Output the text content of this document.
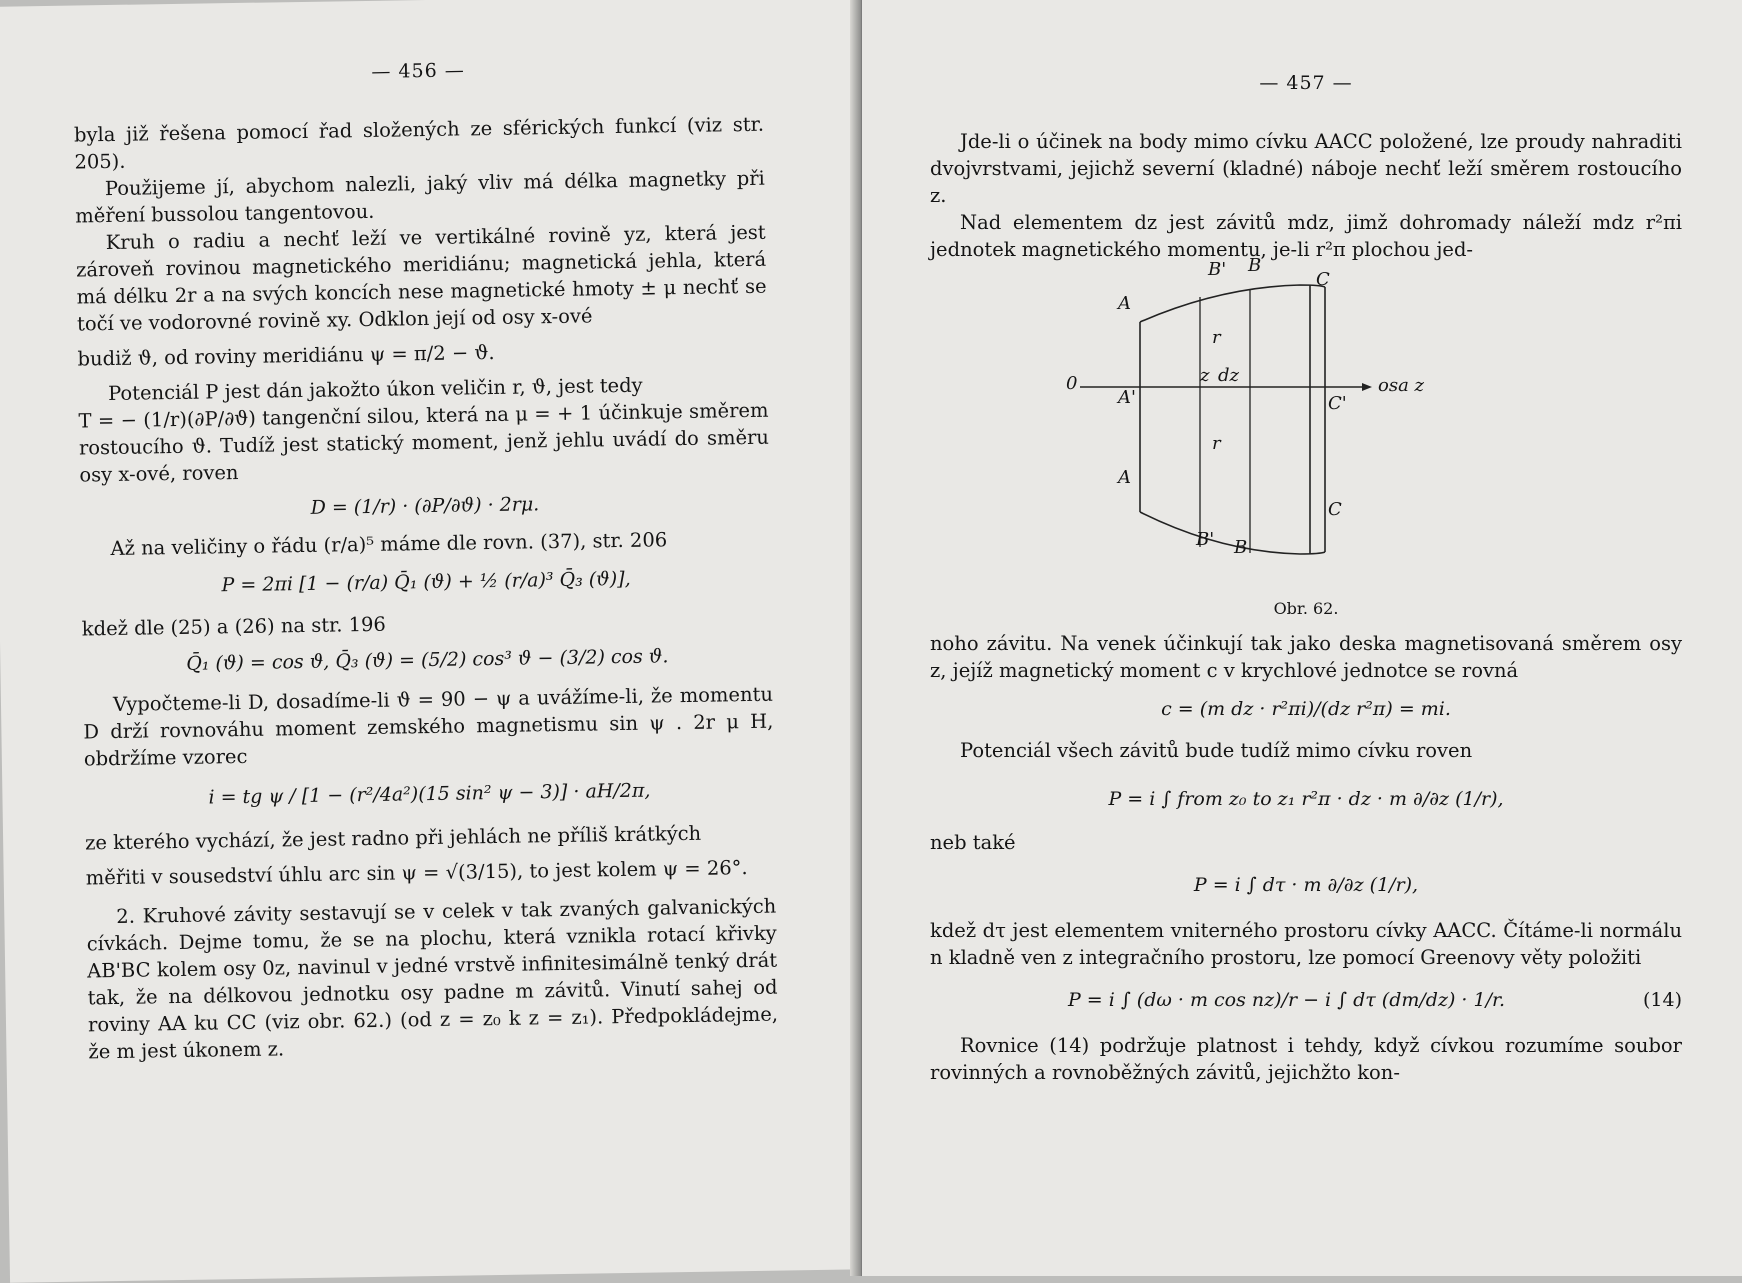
— 456 —

byla již řešena pomocí řad složených ze sférických funkcí (viz str. 205).

Použijeme jí, abychom nalezli, jaký vliv má délka magnetky při měření bussolou tangentovou.

Kruh o radiu a nechť leží ve vertikálné rovině yz, která jest zároveň rovinou magnetického meridiánu; magnetická jehla, která má délku 2r a na svých koncích nese magnetické hmoty ± μ nechť se točí ve vodorovné rovině xy. Odklon její od osy x-ové

budiž ϑ, od roviny meridiánu ψ = π/2 − ϑ.

Potenciál P jest dán jakožto úkon veličin r, ϑ, jest tedy

T = − (1/r)(∂P/∂ϑ) tangenční silou, která na μ = + 1 účinkuje směrem rostoucího ϑ. Tudíž jest statický moment, jenž jehlu uvádí do směru osy x-ové, roven

D = (1/r) · (∂P/∂ϑ) · 2rμ.

Až na veličiny o řádu (r/a)⁵ máme dle rovn. (37), str. 206

P = 2πi [1 − (r/a) Q̄₁ (ϑ) + ½ (r/a)³ Q̄₃ (ϑ)],

kdež dle (25) a (26) na str. 196

Q̄₁ (ϑ) = cos ϑ, Q̄₃ (ϑ) = (5/2) cos³ ϑ − (3/2) cos ϑ.

Vypočteme-li D, dosadíme-li ϑ = 90 − ψ a uvážíme-li, že momentu D drží rovnováhu moment zemského magnetismu sin ψ . 2r μ H, obdržíme vzorec

i = tg ψ / [1 − (r²/4a²)(15 sin² ψ − 3)] · aH/2π,

ze kterého vychází, že jest radno při jehlách ne příliš krátkých

měřiti v sousedství úhlu arc sin ψ = √(3/15), to jest kolem ψ = 26°.

2. Kruhové závity sestavují se v celek v tak zvaných galvanických cívkách. Dejme tomu, že se na plochu, která vznikla rotací křivky AB'BC kolem osy 0z, navinul v jedné vrstvě infinitesimálně tenký drát tak, že na délkovou jednotku osy padne m závitů. Vinutí sahej od roviny AA ku CC (viz obr. 62.) (od z = z₀ k z = z₁). Předpokládejme, že m jest úkonem z.

— 457 —

Jde-li o účinek na body mimo cívku AACC položené, lze proudy nahraditi dvojvrstvami, jejichž severní (kladné) náboje nechť leží směrem rostoucího z.

Nad elementem dz jest závitů mdz, jimž dohromady náleží mdz r²πi jednotek magnetického momentu, je-li r²π plochou jed-

B' B
C
A
r
z dz
0	osa z
A'	C'
r
A
C
B' B
Obr. 62.

noho závitu. Na venek účinkují tak jako deska magnetisovaná směrem osy z, jejíž magnetický moment c v krychlové jednotce se rovná

c = (m dz · r²πi)/(dz r²π) = mi.

Potenciál všech závitů bude tudíž mimo cívku roven

P = i ∫ from z₀ to z₁ r²π · dz · m ∂/∂z (1/r),

neb také

P = i ∫ dτ · m ∂/∂z (1/r),

kdež dτ jest elementem vniterného prostoru cívky AACC. Čítáme-li normálu n kladně ven z integračního prostoru, lze pomocí Greenovy věty položiti

P = i ∫ (dω · m cos nz)/r − i ∫ dτ (dm/dz) · 1/r.	(14)

Rovnice (14) podržuje platnost i tehdy, když cívkou rozumíme soubor rovinných a rovnoběžných závitů, jejichžto kon-
